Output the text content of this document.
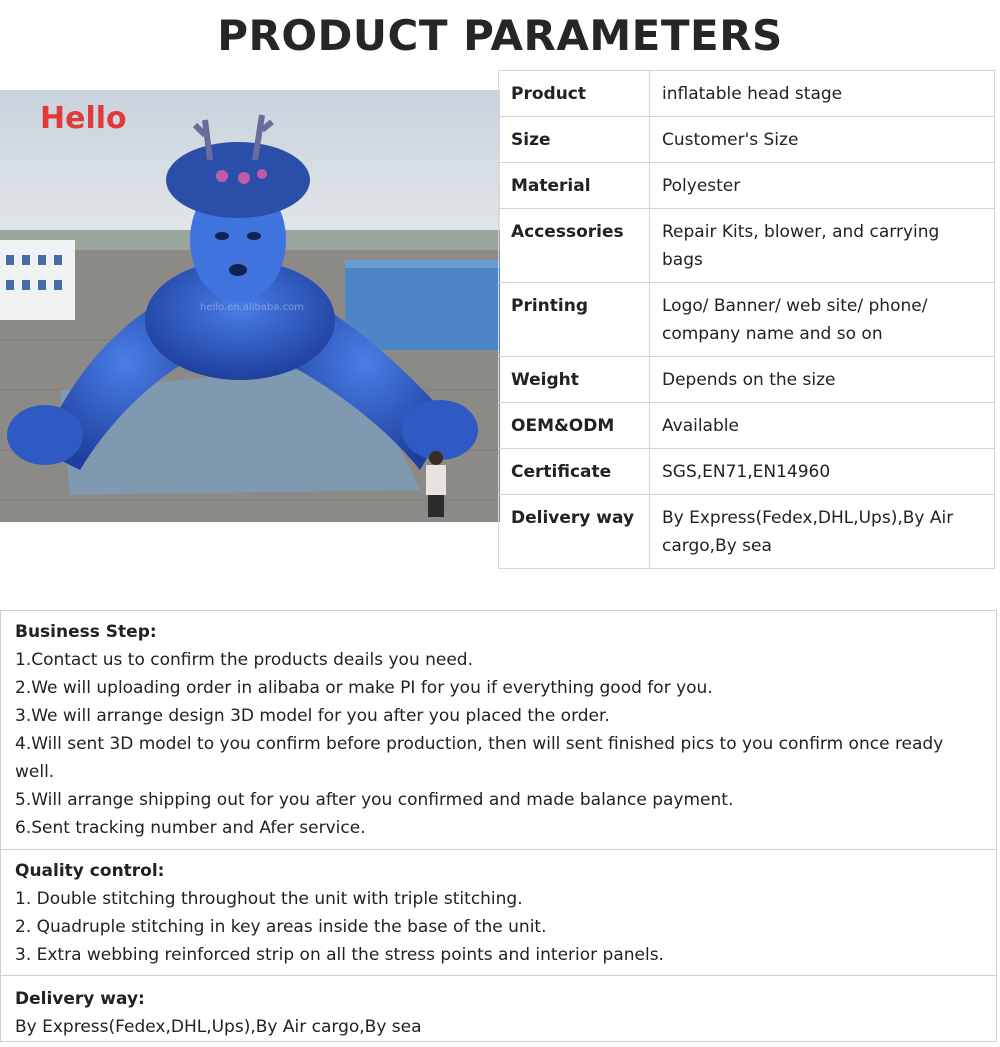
PRODUCT PARAMETERS
Hello
hello.en.alibaba.com
Product	inflatable head stage
Size	Customer's Size
Material	Polyester
Accessories	Repair Kits, blower, and carrying bags
Printing	Logo/ Banner/ web site/ phone/ company name and so on
Weight	Depends on the size
OEM&ODM	Available
Certificate	SGS,EN71,EN14960
Delivery way	By Express(Fedex,DHL,Ups),By Air cargo,By sea
Business Step:
1.Contact us to confirm the products deails you need.
2.We will uploading order in alibaba or make PI for you if everything good for you.
3.We will arrange design 3D model for you after you placed the order.
4.Will sent 3D model to you confirm before production, then will sent finished pics to you confirm once ready well.
5.Will arrange shipping out for you after you confirmed and made balance payment.
6.Sent tracking number and Afer service.
Quality control:
1. Double stitching throughout the unit with triple stitching.
2. Quadruple stitching in key areas inside the base of the unit.
3. Extra webbing reinforced strip on all the stress points and interior panels.
Delivery way:
By Express(Fedex,DHL,Ups),By Air cargo,By sea
